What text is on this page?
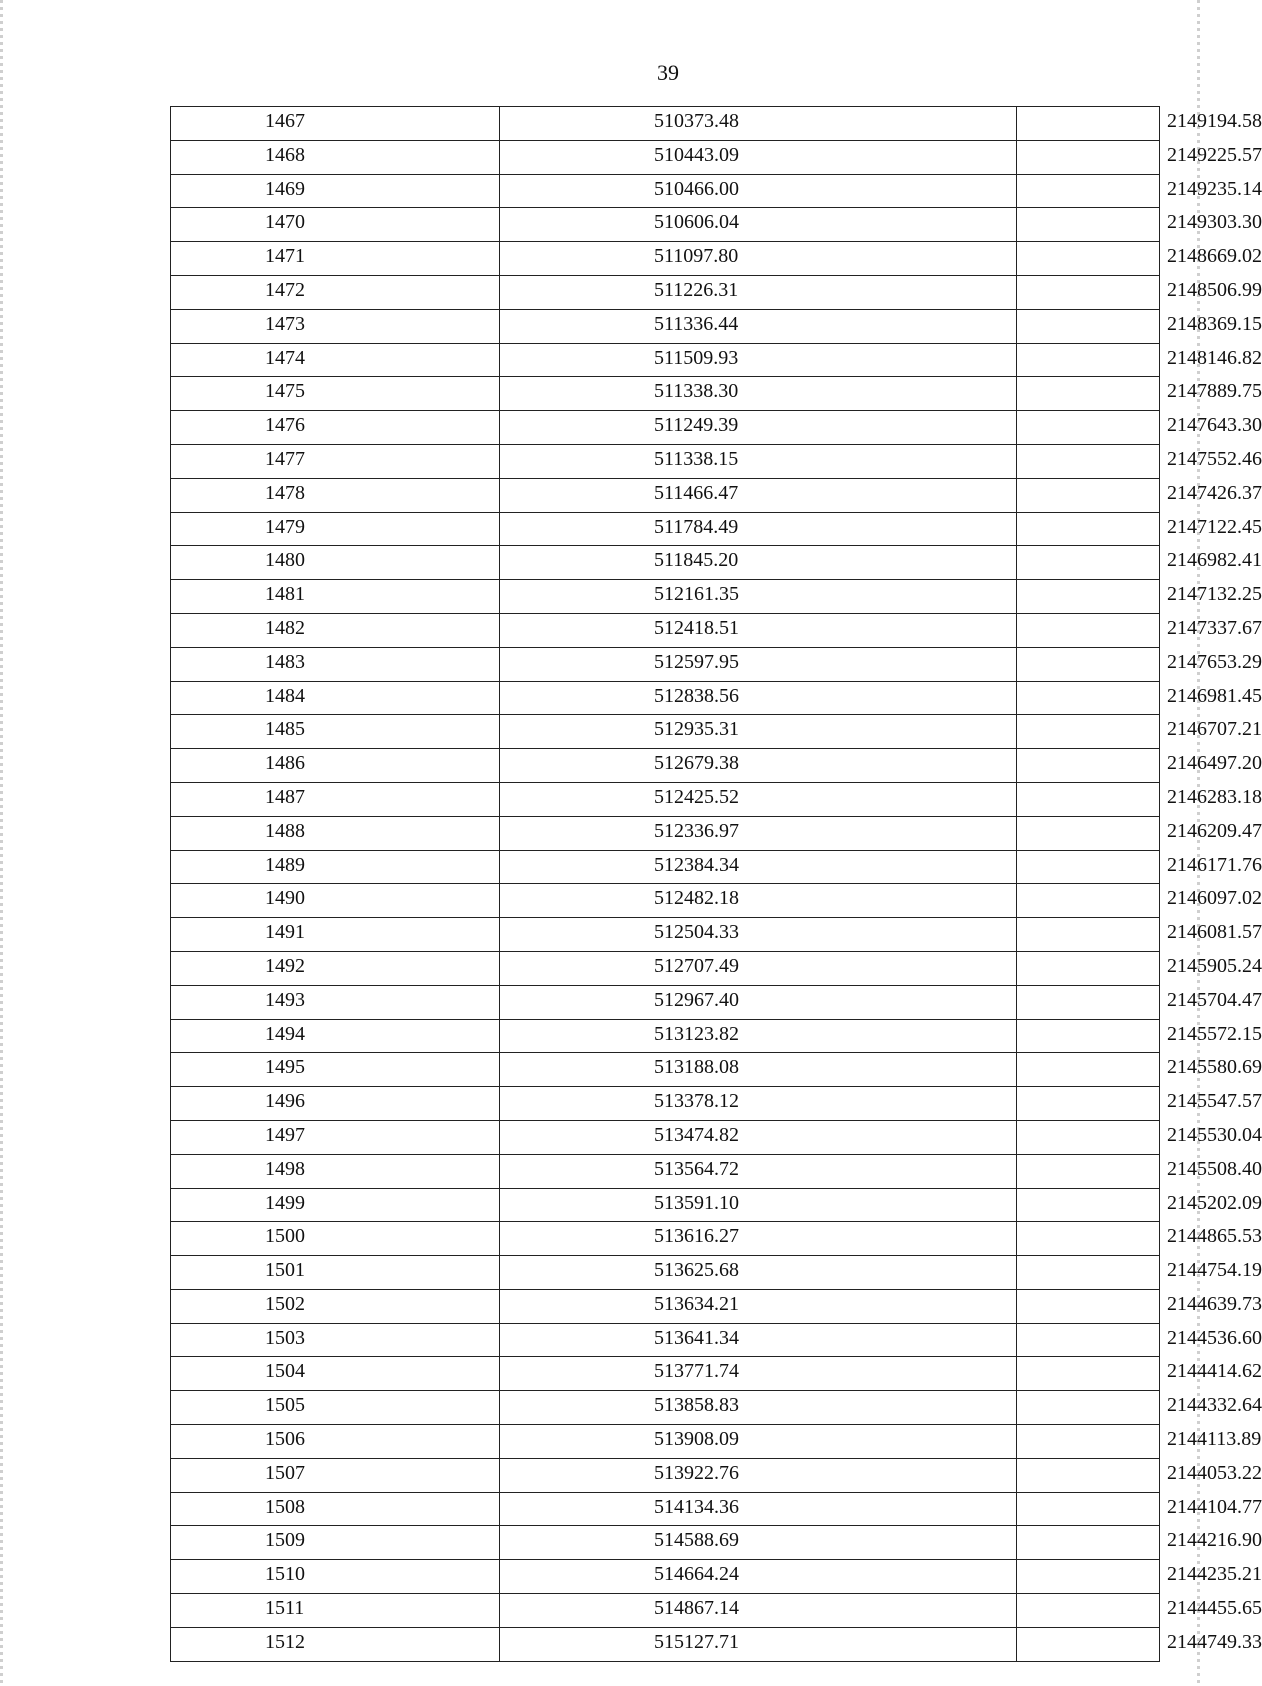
39
1467	510373.48	2149194.58
1468	510443.09	2149225.57
1469	510466.00	2149235.14
1470	510606.04	2149303.30
1471	511097.80	2148669.02
1472	511226.31	2148506.99
1473	511336.44	2148369.15
1474	511509.93	2148146.82
1475	511338.30	2147889.75
1476	511249.39	2147643.30
1477	511338.15	2147552.46
1478	511466.47	2147426.37
1479	511784.49	2147122.45
1480	511845.20	2146982.41
1481	512161.35	2147132.25
1482	512418.51	2147337.67
1483	512597.95	2147653.29
1484	512838.56	2146981.45
1485	512935.31	2146707.21
1486	512679.38	2146497.20
1487	512425.52	2146283.18
1488	512336.97	2146209.47
1489	512384.34	2146171.76
1490	512482.18	2146097.02
1491	512504.33	2146081.57
1492	512707.49	2145905.24
1493	512967.40	2145704.47
1494	513123.82	2145572.15
1495	513188.08	2145580.69
1496	513378.12	2145547.57
1497	513474.82	2145530.04
1498	513564.72	2145508.40
1499	513591.10	2145202.09
1500	513616.27	2144865.53
1501	513625.68	2144754.19
1502	513634.21	2144639.73
1503	513641.34	2144536.60
1504	513771.74	2144414.62
1505	513858.83	2144332.64
1506	513908.09	2144113.89
1507	513922.76	2144053.22
1508	514134.36	2144104.77
1509	514588.69	2144216.90
1510	514664.24	2144235.21
1511	514867.14	2144455.65
1512	515127.71	2144749.33
